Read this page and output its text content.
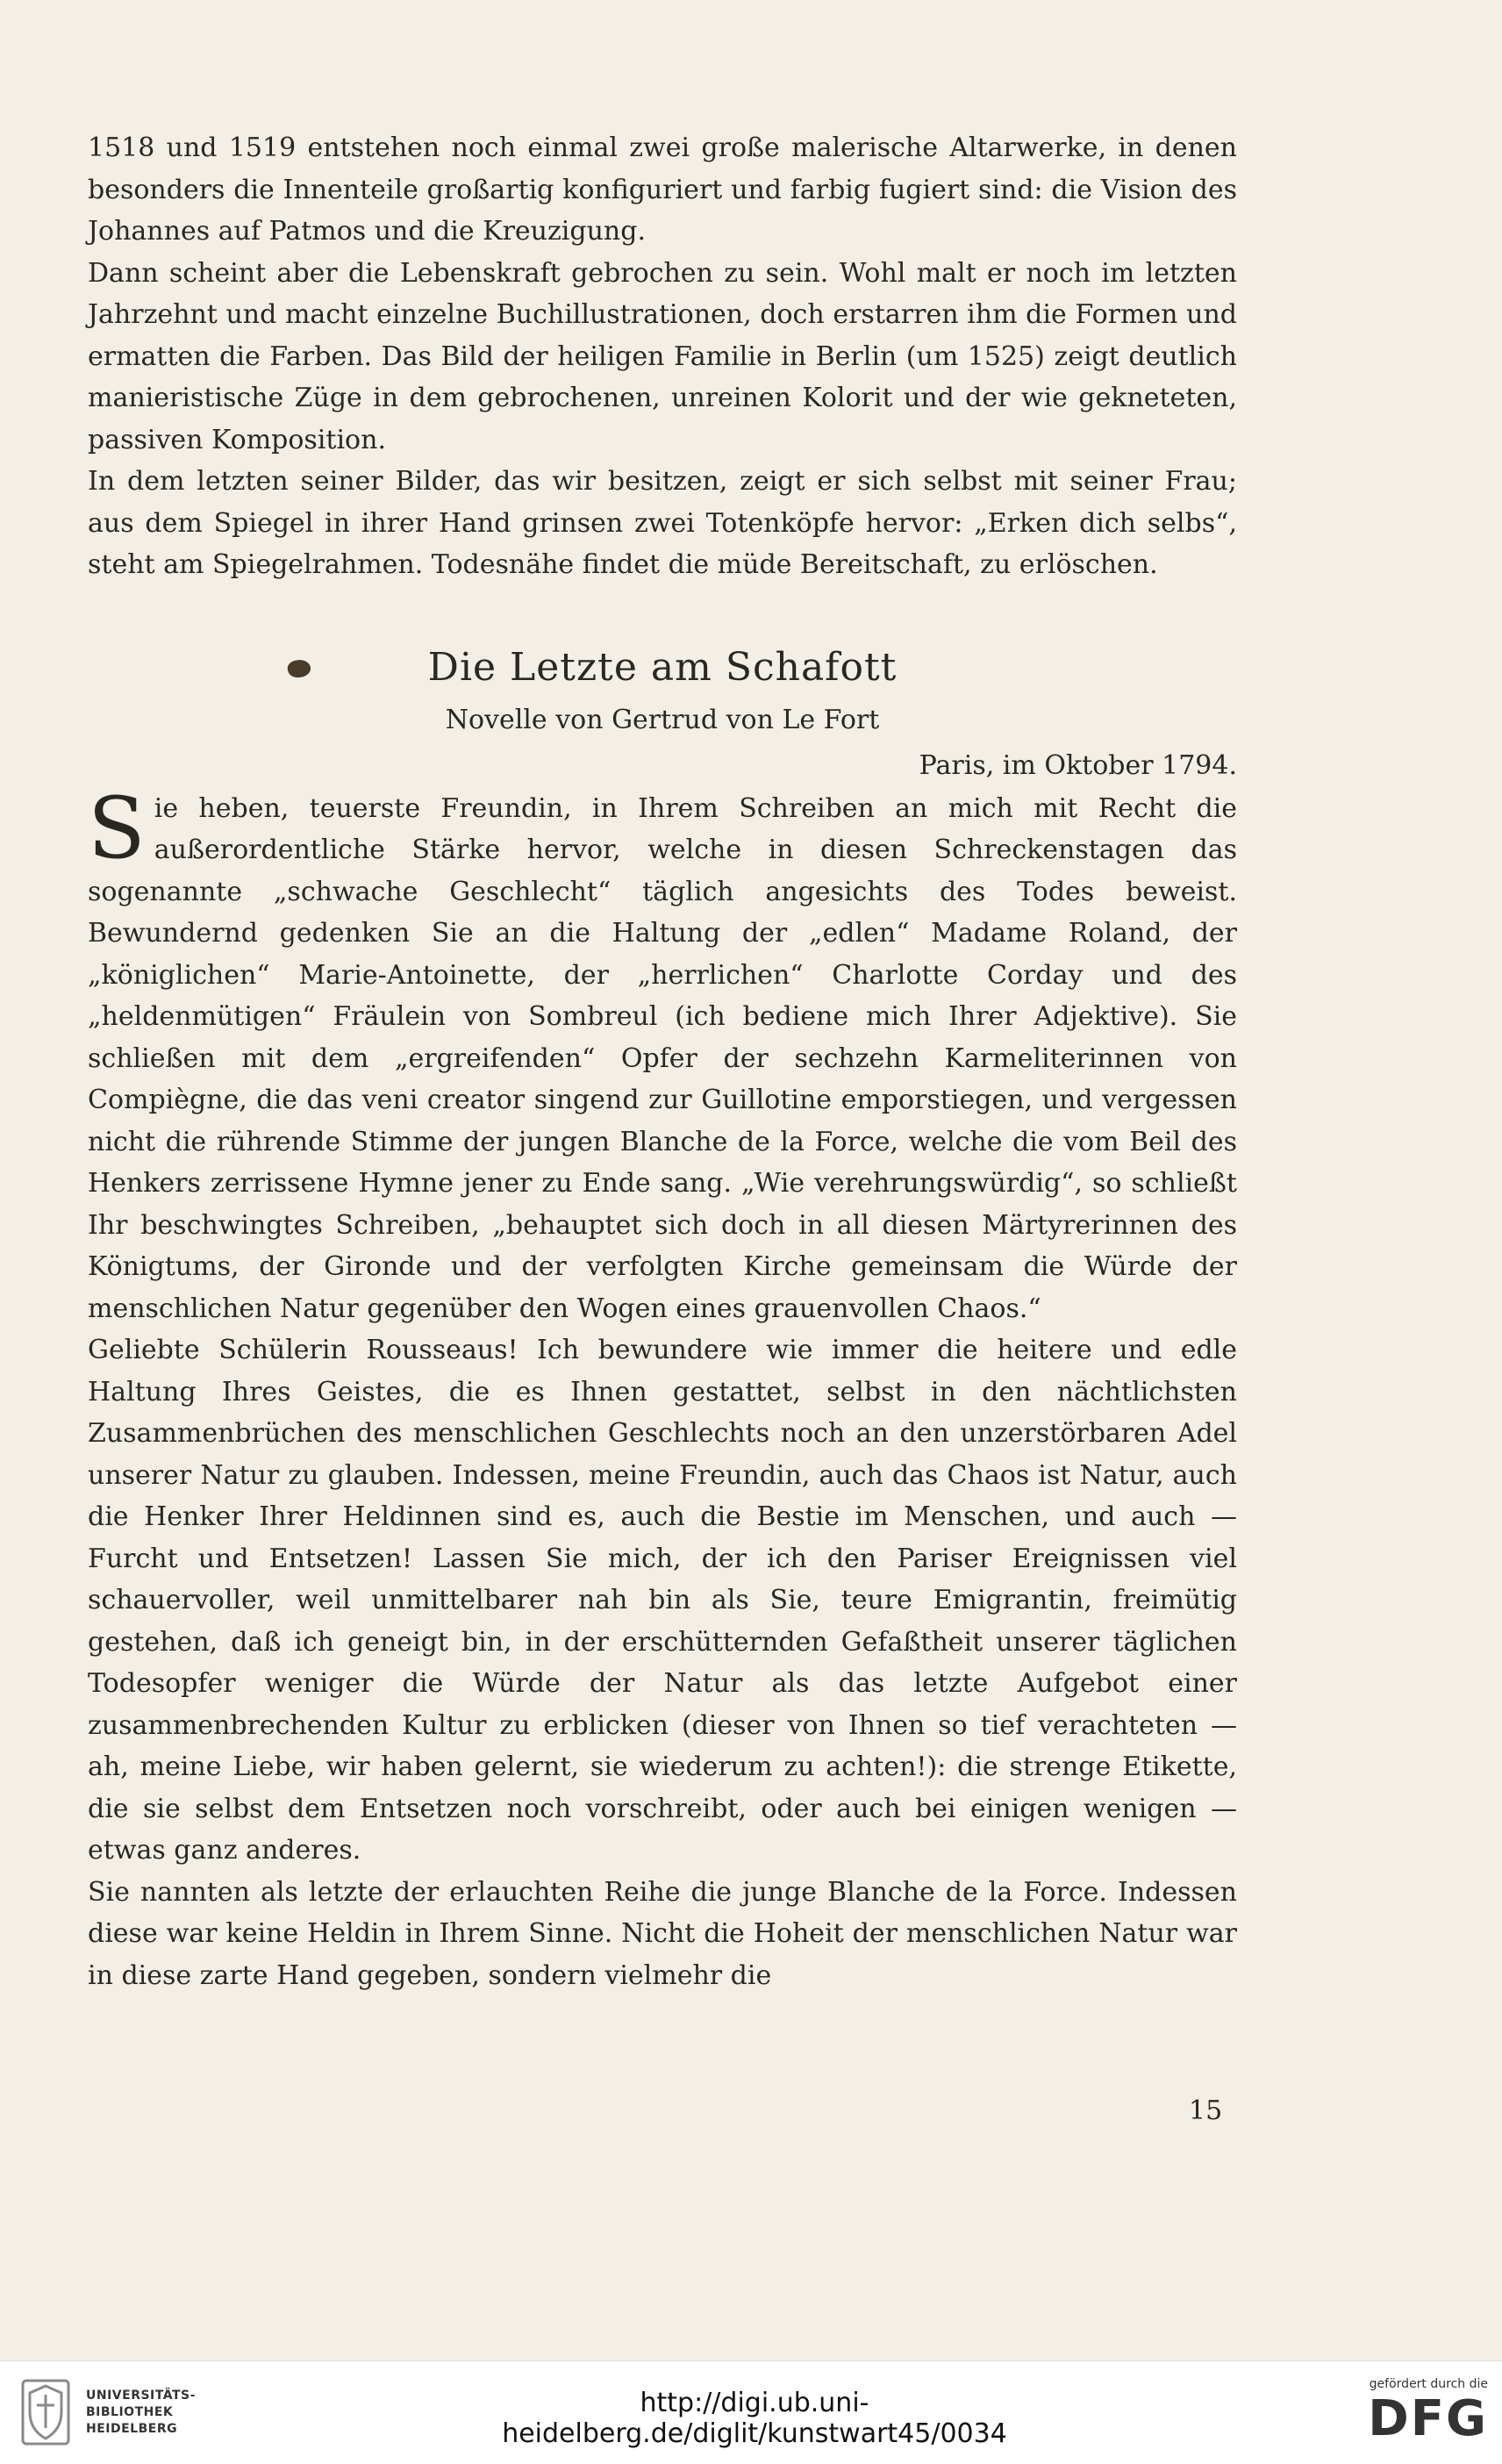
1518 und 1519 entstehen noch einmal zwei große malerische Altarwerke, in denen besonders die Innenteile großartig konfiguriert und farbig fugiert sind: die Vision des Johannes auf Patmos und die Kreuzigung.

Dann scheint aber die Lebenskraft gebrochen zu sein. Wohl malt er noch im letzten Jahrzehnt und macht einzelne Buchillustrationen, doch erstarren ihm die Formen und ermatten die Farben. Das Bild der heiligen Familie in Berlin (um 1525) zeigt deutlich manieristische Züge in dem gebrochenen, unreinen Kolorit und der wie gekneteten, passiven Komposition.

In dem letzten seiner Bilder, das wir besitzen, zeigt er sich selbst mit seiner Frau; aus dem Spiegel in ihrer Hand grinsen zwei Totenköpfe hervor: „Erken dich selbs“, steht am Spiegelrahmen. Todesnähe findet die müde Bereitschaft, zu erlöschen.

Die Letzte am Schafott

Novelle von Gertrud von Le Fort

Paris, im Oktober 1794.

Sie heben, teuerste Freundin, in Ihrem Schreiben an mich mit Recht die außerordentliche Stärke hervor, welche in diesen Schreckenstagen das sogenannte „schwache Geschlecht“ täglich angesichts des Todes beweist. Bewundernd gedenken Sie an die Haltung der „edlen“ Madame Roland, der „königlichen“ Marie-Antoinette, der „herrlichen“ Charlotte Corday und des „heldenmütigen“ Fräulein von Sombreul (ich bediene mich Ihrer Adjektive). Sie schließen mit dem „ergreifenden“ Opfer der sechzehn Karmeliterinnen von Compiègne, die das veni creator singend zur Guillotine emporstiegen, und vergessen nicht die rührende Stimme der jungen Blanche de la Force, welche die vom Beil des Henkers zerrissene Hymne jener zu Ende sang. „Wie verehrungswürdig“, so schließt Ihr beschwingtes Schreiben, „behauptet sich doch in all diesen Märtyrerinnen des Königtums, der Gironde und der verfolgten Kirche gemeinsam die Würde der menschlichen Natur gegenüber den Wogen eines grauenvollen Chaos.“

Geliebte Schülerin Rousseaus! Ich bewundere wie immer die heitere und edle Haltung Ihres Geistes, die es Ihnen gestattet, selbst in den nächtlichsten Zusammenbrüchen des menschlichen Geschlechts noch an den unzerstörbaren Adel unserer Natur zu glauben. Indessen, meine Freundin, auch das Chaos ist Natur, auch die Henker Ihrer Heldinnen sind es, auch die Bestie im Menschen, und auch — Furcht und Entsetzen! Lassen Sie mich, der ich den Pariser Ereignissen viel schauervoller, weil unmittelbarer nah bin als Sie, teure Emigrantin, freimütig gestehen, daß ich geneigt bin, in der erschütternden Gefaßtheit unserer täglichen Todesopfer weniger die Würde der Natur als das letzte Aufgebot einer zusammenbrechenden Kultur zu erblicken (dieser von Ihnen so tief verachteten — ah, meine Liebe, wir haben gelernt, sie wiederum zu achten!): die strenge Etikette, die sie selbst dem Entsetzen noch vorschreibt, oder auch bei einigen wenigen — etwas ganz anderes.

Sie nannten als letzte der erlauchten Reihe die junge Blanche de la Force. Indessen diese war keine Heldin in Ihrem Sinne. Nicht die Hoheit der menschlichen Natur war in diese zarte Hand gegeben, sondern vielmehr die

15
UNIVERSITÄTS-
BIBLIOTHEK
HEIDELBERG
http://digi.ub.uni-heidelberg.de/diglit/kunstwart45/0034
gefördert durch die
DFG
